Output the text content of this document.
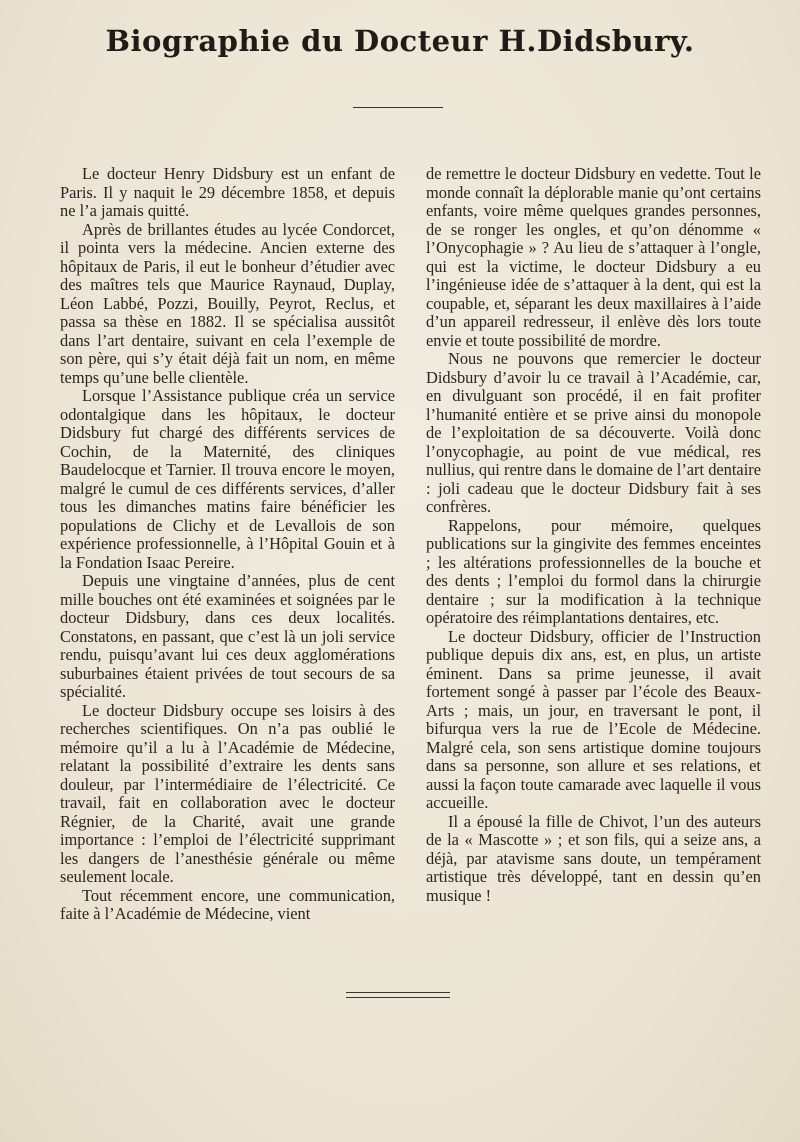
Biographie du Docteur H.Didsbury.

Le docteur Henry Didsbury est un enfant de Paris. Il y naquit le 29 décembre 1858, et depuis ne l’a jamais quitté.

Après de brillantes études au lycée Condorcet, il pointa vers la médecine. Ancien externe des hôpitaux de Paris, il eut le bonheur d’étudier avec des maîtres tels que Maurice Raynaud, Duplay, Léon Labbé, Pozzi, Bouilly, Peyrot, Reclus, et passa sa thèse en 1882. Il se spécialisa aussitôt dans l’art dentaire, suivant en cela l’exemple de son père, qui s’y était déjà fait un nom, en même temps qu’une belle clientèle.

Lorsque l’Assistance publique créa un service odontalgique dans les hôpitaux, le docteur Didsbury fut chargé des différents services de Cochin, de la Maternité, des cliniques Baudelocque et Tarnier. Il trouva encore le moyen, malgré le cumul de ces différents services, d’aller tous les dimanches matins faire bénéficier les populations de Clichy et de Levallois de son expérience professionnelle, à l’Hôpital Gouin et à la Fondation Isaac Pereire.

Depuis une vingtaine d’années, plus de cent mille bouches ont été examinées et soignées par le docteur Didsbury, dans ces deux localités. Constatons, en passant, que c’est là un joli service rendu, puisqu’avant lui ces deux agglomérations suburbaines étaient privées de tout secours de sa spécialité.

Le docteur Didsbury occupe ses loisirs à des recherches scientifiques. On n’a pas oublié le mémoire qu’il a lu à l’Académie de Médecine, relatant la possibilité d’extraire les dents sans douleur, par l’intermédiaire de l’électricité. Ce travail, fait en collaboration avec le docteur Régnier, de la Charité, avait une grande importance : l’emploi de l’électricité supprimant les dangers de l’anesthésie générale ou même seulement locale.

Tout récemment encore, une communication, faite à l’Académie de Médecine, vient

de remettre le docteur Didsbury en vedette. Tout le monde connaît la déplorable manie qu’ont certains enfants, voire même quelques grandes personnes, de se ronger les ongles, et qu’on dénomme « l’Onycophagie » ? Au lieu de s’attaquer à l’ongle, qui est la victime, le docteur Didsbury a eu l’ingénieuse idée de s’attaquer à la dent, qui est la coupable, et, séparant les deux maxillaires à l’aide d’un appareil redresseur, il enlève dès lors toute envie et toute possibilité de mordre.

Nous ne pouvons que remercier le docteur Didsbury d’avoir lu ce travail à l’Académie, car, en divulguant son procédé, il en fait profiter l’humanité entière et se prive ainsi du monopole de l’exploitation de sa découverte. Voilà donc l’onycophagie, au point de vue médical, res nullius, qui rentre dans le domaine de l’art dentaire : joli cadeau que le docteur Didsbury fait à ses confrères.

Rappelons, pour mémoire, quelques publications sur la gingivite des femmes enceintes ; les altérations professionnelles de la bouche et des dents ; l’emploi du formol dans la chirurgie dentaire ; sur la modification à la technique opératoire des réimplantations dentaires, etc.

Le docteur Didsbury, officier de l’Instruction publique depuis dix ans, est, en plus, un artiste éminent. Dans sa prime jeunesse, il avait fortement songé à passer par l’école des Beaux-Arts ; mais, un jour, en traversant le pont, il bifurqua vers la rue de l’Ecole de Médecine. Malgré cela, son sens artistique domine toujours dans sa personne, son allure et ses relations, et aussi la façon toute camarade avec laquelle il vous accueille.

Il a épousé la fille de Chivot, l’un des auteurs de la « Mascotte » ; et son fils, qui a seize ans, a déjà, par atavisme sans doute, un tempérament artistique très développé, tant en dessin qu’en musique !
